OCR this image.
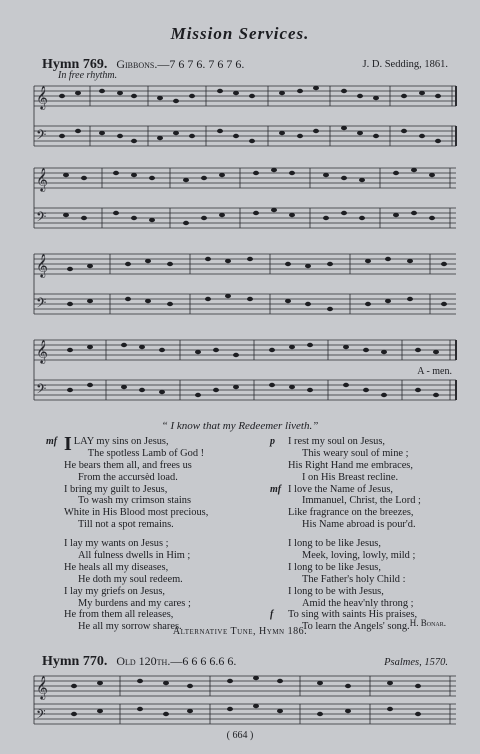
Mission Services.
Hymn 769. Gibbons.—7 6 7 6. 7 6 7 6.	J. D. Sedding, 1861.
In free rhythm.
𝄞
𝄢
𝄞
𝄢
𝄞
𝄢
𝄞
𝄢
A - men.
“ I know that my Redeemer liveth.”
mf I LAY my sins on Jesus,
The spotless Lamb of God !
He bears them all, and frees us
From the accursèd load.
I bring my guilt to Jesus,
To wash my crimson stains
White in His Blood most precious,
Till not a spot remains.
I lay my wants on Jesus ;
All fulness dwells in Him ;
He heals all my diseases,
He doth my soul redeem.
I lay my griefs on Jesus,
My burdens and my cares ;
He from them all releases,
He all my sorrow shares.
p I rest my soul on Jesus,
This weary soul of mine ;
His Right Hand me embraces,
I on His Breast recline.
mf I love the Name of Jesus,
Immanuel, Christ, the Lord ;
Like fragrance on the breezes,
His Name abroad is pour'd.
I long to be like Jesus,
Meek, loving, lowly, mild ;
I long to be like Jesus,
The Father's holy Child :
I long to be with Jesus,
Amid the heav'nly throng ;
f To sing with saints His praises,
To learn the Angels' song. H. Bonar.
Alternative Tune, Hymn 186.
Hymn 770. Old 120th.—6 6 6 6.6 6.	Psalmes, 1570.
𝄞
𝄢
( 664 )
